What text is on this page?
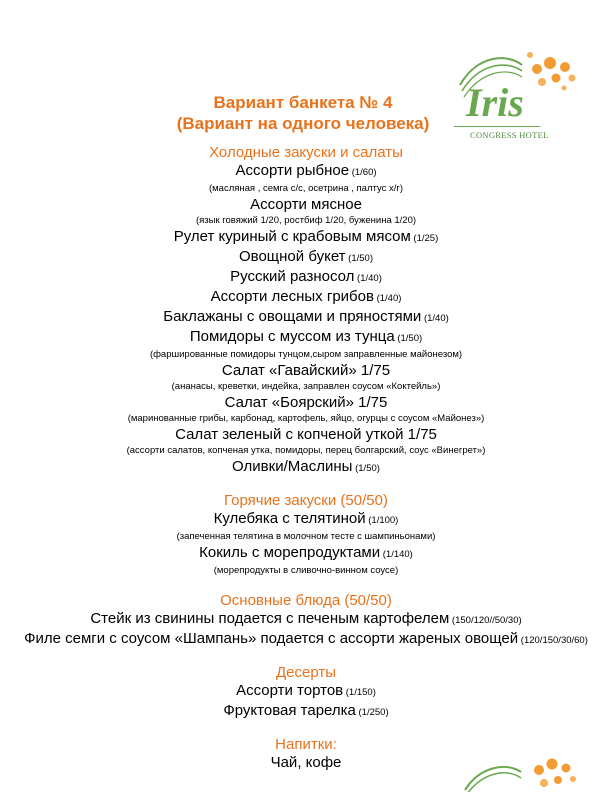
Iris
CONGRESS HOTEL
Вариант банкета № 4
(Вариант на одного человека)
Холодные закуски и салаты
Ассорти рыбное (1/60)
(масляная , семга с/с, осетрина , палтус х/г)
Ассорти мясное
(язык говяжий 1/20, ростбиф 1/20, буженина 1/20)
Рулет куриный с крабовым мясом (1/25)
Овощной букет (1/50)
Русский разносол (1/40)
Ассорти лесных грибов (1/40)
Баклажаны с овощами и пряностями (1/40)
Помидоры с муссом из тунца (1/50)
(фаршированные помидоры тунцом,сыром заправленные майонезом)
Салат «Гавайский» 1/75
(ананасы, креветки, индейка, заправлен соусом «Коктейль»)
Салат «Боярский» 1/75
(маринованные грибы, карбонад, картофель, яйцо, огурцы с соусом «Майонез»)
Салат зеленый с копченой уткой 1/75
(ассорти салатов, копченая утка, помидоры, перец болгарский, соус «Винегрет»)
Оливки/Маслины (1/50)
Горячие закуски (50/50)
Кулебяка с телятиной (1/100)
(запеченная телятина в молочном тесте с шампиньонами)
Кокиль с морепродуктами (1/140)
(морепродукты в сливочно-винном соусе)
Основные блюда (50/50)
Стейк из свинины подается с печеным картофелем (150/120//50/30)
Филе семги с соусом «Шампань» подается с ассорти жареных овощей (120/150/30/60)
Десерты
Ассорти тортов (1/150)
Фруктовая тарелка (1/250)
Напитки:
Чай, кофе
